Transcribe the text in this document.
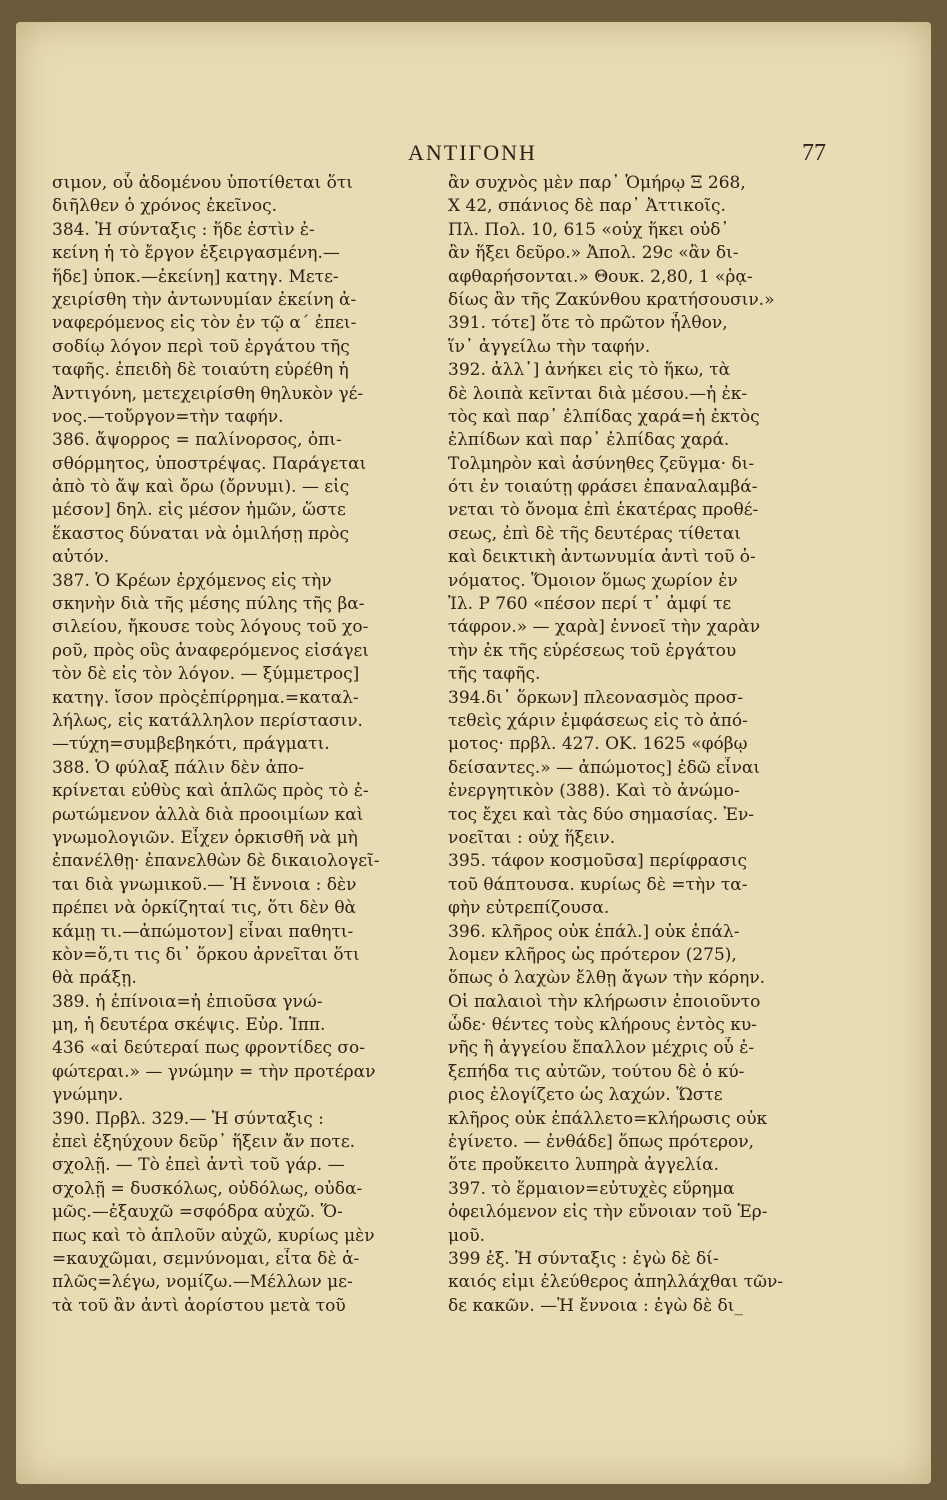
ΑΝΤΙΓΟΝΗ	77
σιμον, οὗ ἀδομένου ὑποτίθεται ὅτι
διῆλθεν ὁ χρόνος ἐκεῖνος.
384. Ἡ σύνταξις : ἥδε ἐστὶν ἐ-
κείνη ἡ τὸ ἔργον ἐξειργασμένη.—
ἥδε] ὑποκ.—ἐκείνη] κατηγ. Μετε-
χειρίσθη τὴν ἀντωνυμίαν ἐκείνη ἀ-
ναφερόμενος εἰς τὸν ἐν τῷ α´ ἐπει-
σοδίῳ λόγον περὶ τοῦ ἐργάτου τῆς
ταφῆς. ἐπειδὴ δὲ τοιαύτη εὑρέθη ἡ
Ἀντιγόνη, μετεχειρίσθη θηλυκὸν γέ-
νος.—τοὔργον=τὴν ταφήν.
386. ἄψορρος = παλίνορσος, ὀπι-
σθόρμητος, ὑποστρέψας. Παράγεται
ἀπὸ τὸ ἄψ καὶ ὄρω (ὄρνυμι). — εἰς
μέσον] δηλ. εἰς μέσον ἡμῶν, ὥστε
ἕκαστος δύναται νὰ ὁμιλήσῃ πρὸς
αὐτόν.
387. Ὁ Κρέων ἐρχόμενος εἰς τὴν
σκηνὴν διὰ τῆς μέσης πύλης τῆς βα-
σιλείου, ἤκουσε τοὺς λόγους τοῦ χο-
ροῦ, πρὸς οὓς ἀναφερόμενος εἰσάγει
τὸν δὲ εἰς τὸν λόγον. — ξύμμετρος]
κατηγ. ἴσον πρὸςἐπίρρημα.=καταλ-
λήλως, εἰς κατάλληλον περίστασιν.
—τύχη=συμβεβηκότι, πράγματι.
388. Ὁ φύλαξ πάλιν δὲν ἀπο-
κρίνεται εὐθὺς καὶ ἁπλῶς πρὸς τὸ ἐ-
ρωτώμενον ἀλλὰ διὰ προοιμίων καὶ
γνωμολογιῶν. Εἶχεν ὁρκισθῆ νὰ μὴ
ἐπανέλθῃ· ἐπανελθὼν δὲ δικαιολογεῖ-
ται διὰ γνωμικοῦ.— Ἡ ἔννοια : δὲν
πρέπει νὰ ὁρκίζηταί τις, ὅτι δὲν θὰ
κάμῃ τι.—ἀπώμοτον] εἶναι παθητι-
κὸν=ὅ,τι τις δι᾽ ὅρκου ἀρνεῖται ὅτι
θὰ πράξῃ.
389. ἡ ἐπίνοια=ἡ ἐπιοῦσα γνώ-
μη, ἡ δευτέρα σκέψις. Εὐρ. Ἱππ.
436 «αἱ δεύτεραί πως φροντίδες σο-
φώτεραι.» — γνώμην = τὴν προτέραν
γνώμην.
390. Πρβλ. 329.— Ἡ σύνταξις :
ἐπεὶ ἐξηύχουν δεῦρ᾽ ἥξειν ἄν ποτε.
σχολῇ. — Τὸ ἐπεὶ ἀντὶ τοῦ γάρ. —
σχολῇ = δυσκόλως, οὐδόλως, οὐδα-
μῶς.—ἐξαυχῶ =σφόδρα αὐχῶ. Ὅ-
πως καὶ τὸ ἁπλοῦν αὐχῶ, κυρίως μὲν
=καυχῶμαι, σεμνύνομαι, εἶτα δὲ ἁ-
πλῶς=λέγω, νομίζω.—Μέλλων με-
τὰ τοῦ ἂν ἀντὶ ἀορίστου μετὰ τοῦ
ἂν συχνὸς μὲν παρ᾽ Ὁμήρῳ Ξ 268,
Χ 42, σπάνιος δὲ παρ᾽ Ἀττικοῖς.
Πλ. Πολ. 10, 615 «οὐχ ἥκει οὐδ᾽
ἂν ἥξει δεῦρο.» Ἀπολ. 29c «ἂν δι-
αφθαρήσονται.» Θουκ. 2,80, 1 «ῥᾳ-
δίως ἂν τῆς Ζακύνθου κρατήσουσιν.»
391. τότε] ὅτε τὸ πρῶτον ἦλθον,
ἵν᾽ ἀγγείλω τὴν ταφήν.
392. ἀλλ᾽] ἀνήκει εἰς τὸ ἥκω, τὰ
δὲ λοιπὰ κεῖνται διὰ μέσου.—ἡ ἐκ-
τὸς καὶ παρ᾽ ἐλπίδας χαρά=ἡ ἐκτὸς
ἐλπίδων καὶ παρ᾽ ἐλπίδας χαρά.
Τολμηρὸν καὶ ἀσύνηθες ζεῦγμα· δι-
ότι ἐν τοιαύτῃ φράσει ἐπαναλαμβά-
νεται τὸ ὄνομα ἐπὶ ἑκατέρας προθέ-
σεως, ἐπὶ δὲ τῆς δευτέρας τίθεται
καὶ δεικτικὴ ἀντωνυμία ἀντὶ τοῦ ὀ-
νόματος. Ὅμοιον ὅμως χωρίον ἐν
Ἰλ. Ρ 760 «πέσον περί τ᾽ ἀμφί τε
τάφρον.» — χαρὰ] ἐννοεῖ τὴν χαρὰν
τὴν ἐκ τῆς εὑρέσεως τοῦ ἐργάτου
τῆς ταφῆς.
394.δι᾽ ὅρκων] πλεονασμὸς προσ-
τεθεὶς χάριν ἐμφάσεως εἰς τὸ ἀπό-
μοτος· πρβλ. 427. ΟΚ. 1625 «φόβῳ
δείσαντες.» — ἀπώμοτος] ἐδῶ εἶναι
ἐνεργητικὸν (388). Καὶ τὸ ἀνώμο-
τος ἔχει καὶ τὰς δύο σημασίας. Ἐν-
νοεῖται : οὐχ ἥξειν.
395. τάφον κοσμοῦσα] περίφρασις
τοῦ θάπτουσα. κυρίως δὲ =τὴν τα-
φὴν εὐτρεπίζουσα.
396. κλῆρος οὐκ ἐπάλ.] οὐκ ἐπάλ-
λομεν κλῆρος ὡς πρότερον (275),
ὅπως ὁ λαχὼν ἔλθῃ ἄγων τὴν κόρην.
Οἱ παλαιοὶ τὴν κλήρωσιν ἐποιοῦντο
ὧδε· θέντες τοὺς κλήρους ἐντὸς κυ-
νῆς ἢ ἀγγείου ἔπαλλον μέχρις οὗ ἐ-
ξεπήδα τις αὐτῶν, τούτου δὲ ὁ κύ-
ριος ἐλογίζετο ὡς λαχών. Ὥστε
κλῆρος οὐκ ἐπάλλετο=κλήρωσις οὐκ
ἐγίνετο. — ἐνθάδε] ὅπως πρότερον,
ὅτε προὔκειτο λυπηρὰ ἀγγελία.
397. τὸ ἕρμαιον=εὐτυχὲς εὕρημα
ὀφειλόμενον εἰς τὴν εὔνοιαν τοῦ Ἑρ-
μοῦ.
399 ἑξ. Ἡ σύνταξις : ἐγὼ δὲ δί-
καιός εἰμι ἐλεύθερος ἀπηλλάχθαι τῶν-
δε κακῶν. —Ἡ ἔννοια : ἐγὼ δὲ δι_
